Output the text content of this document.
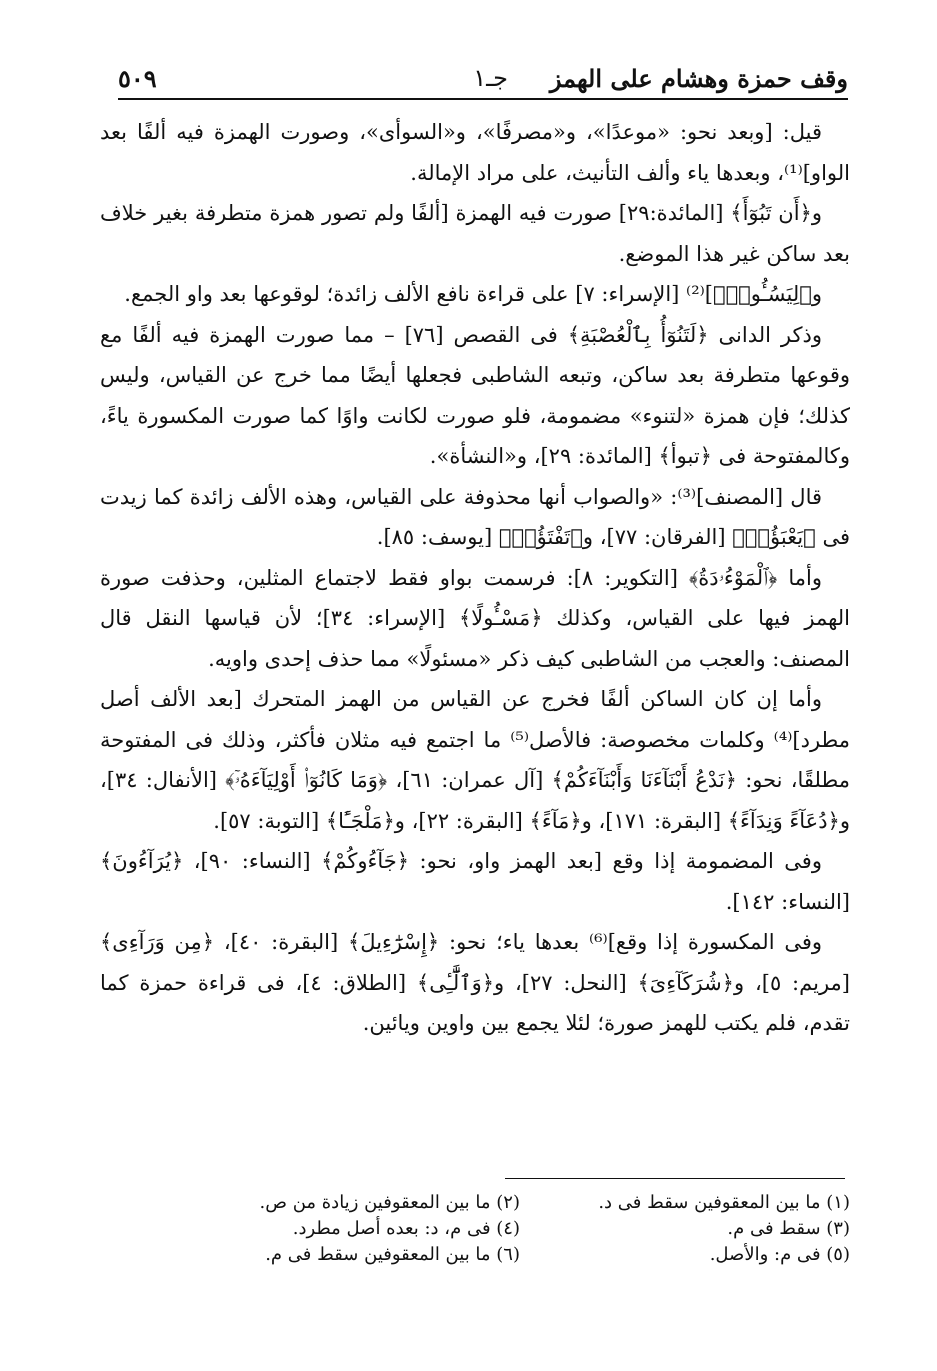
وقف حمزة وهشام على الهمز
جـ١
٥٠٩

قيل: [وبعد نحو: «موعدًا»، و«مصرفًا»، و«السوأى»، وصورت الهمزة فيه ألفًا بعد الواو]⁽¹⁾، وبعدها ياء وألف التأنيث، على مراد الإمالة.

و﴿أَن تَبُوٓأَ﴾ [المائدة:٢٩] صورت فيه الهمزة [ألفًا ولم تصور همزة متطرفة بغير خلاف بعد ساكن غير هذا الموضع.

و﴿لِيَسُـُٔوا۟﴾]⁽²⁾ [الإسراء: ٧] على قراءة نافع الألف زائدة؛ لوقوعها بعد واو الجمع.

وذكر الدانى ﴿لَتَنُوٓأُ بِٱلْعُصْبَةِ﴾ فى القصص [٧٦] – مما صورت الهمزة فيه ألفًا مع وقوعها متطرفة بعد ساكن، وتبعه الشاطبى فجعلها أيضًا مما خرج عن القياس، وليس كذلك؛ فإن همزة «لتنوء» مضمومة، فلو صورت لكانت واوًا كما صورت المكسورة ياءً، وكالمفتوحة فى ﴿تبوأ﴾ [المائدة: ٢٩]، و«النشأة».

قال [المصنف]⁽³⁾: «والصواب أنها محذوفة على القياس، وهذه الألف زائدة كما زيدت فى ﴿يَعْبَؤُا۟﴾ [الفرقان: ٧٧]، و﴿تَفْتَؤُا۟﴾ [يوسف: ٨٥].

وأما ﴿ٱلْمَوْءُۥدَةُ﴾ [التكوير: ٨]: فرسمت بواو فقط لاجتماع المثلين، وحذفت صورة الهمز فيها على القياس، وكذلك ﴿مَسْـُٔولًا﴾ [الإسراء: ٣٤]؛ لأن قياسها النقل قال المصنف: والعجب من الشاطبى كيف ذكر «مسئولًا» مما حذف إحدى واويه.

وأما إن كان الساكن ألفًا فخرج عن القياس من الهمز المتحرك [بعد الألف أصل مطرد]⁽⁴⁾ وكلمات مخصوصة: فالأصل⁽⁵⁾ ما اجتمع فيه مثلان فأكثر، وذلك فى المفتوحة مطلقًا، نحو: ﴿نَدْعُ أَبْنَآءَنَا وَأَبْنَآءَكُمْ﴾ [آل عمران: ٦١]، ﴿وَمَا كَانُوٓا۟ أَوْلِيَآءَهُۥٓ﴾ [الأنفال: ٣٤]، و﴿دُعَآءً وَنِدَآءً﴾ [البقرة: ١٧١]، و﴿مَآءً﴾ [البقرة: ٢٢]، و﴿مَلْجَـًٔا﴾ [التوبة: ٥٧].

وفى المضمومة إذا وقع [بعد الهمز واو، نحو: ﴿جَآءُوكُمْ﴾ [النساء: ٩٠]، ﴿يُرَآءُونَ﴾ [النساء: ١٤٢].

وفى المكسورة إذا وقع]⁽⁶⁾ بعدها ياء؛ نحو: ﴿إِسْرَٰٓءِيلَ﴾ [البقرة: ٤٠]، ﴿مِن وَرَآءِى﴾ [مريم: ٥]، و﴿شُرَكَآءِىَ﴾ [النحل: ٢٧]، و﴿وَٱلَّٰٓـِٔى﴾ [الطلاق: ٤]، فى قراءة حمزة كما تقدم، فلم يكتب للهمز صورة؛ لئلا يجمع بين واوين ويائين.

(١) ما بين المعقوفين سقط فى د.
(٢) ما بين المعقوفين زيادة من ص.
(٣) سقط فى م.
(٤) فى م، د: بعده أصل مطرد.
(٥) فى م: والأصل.
(٦) ما بين المعقوفين سقط فى م.
